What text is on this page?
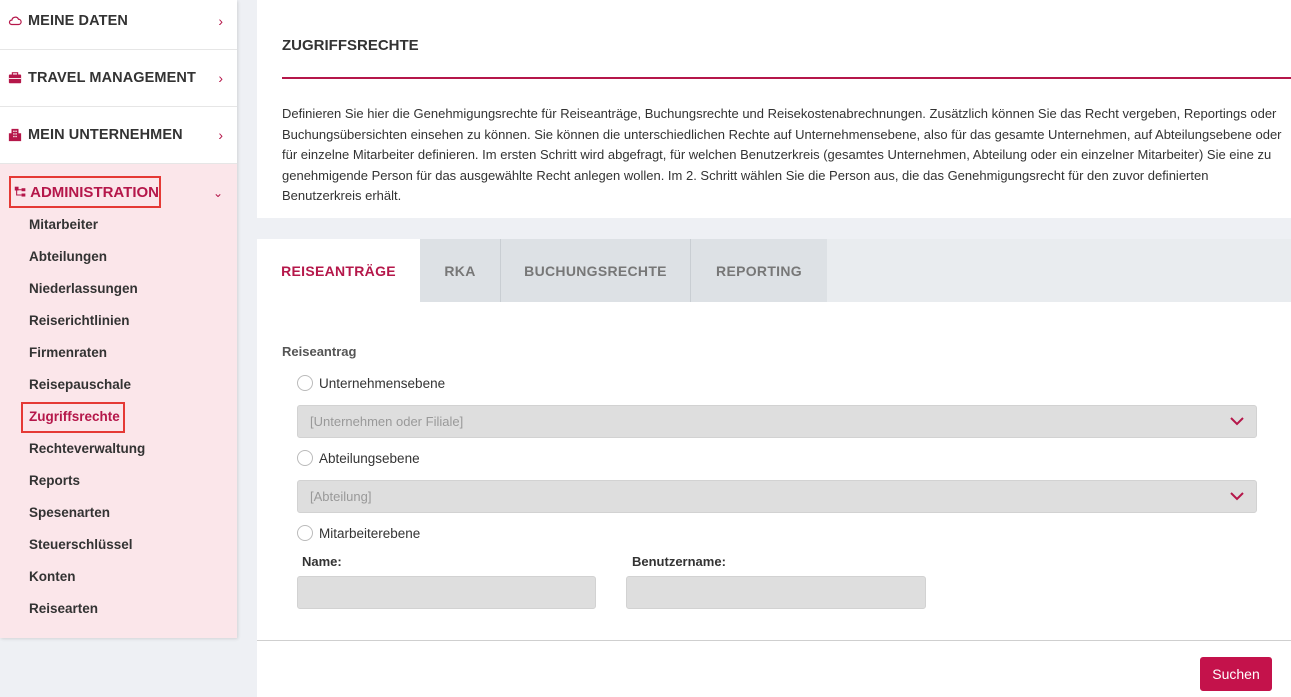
MEINE DATEN	›
TRAVEL MANAGEMENT ›
MEIN UNTERNEHMEN	›
ADMINISTRATION	⌄
Mitarbeiter
Abteilungen
Niederlassungen
Reiserichtlinien
Firmenraten
Reisepauschale
Zugriffsrechte
Rechteverwaltung
Reports
Spesenarten
Steuerschlüssel
Konten
Reisearten
ZUGRIFFSRECHTE

Definieren Sie hier die Genehmigungsrechte für Reiseanträge, Buchungsrechte und Reisekostenabrechnungen. Zusätzlich können Sie das Recht vergeben, Reportings oder Buchungsübersichten einsehen zu können. Sie können die unterschiedlichen Rechte auf Unternehmensebene, also für das gesamte Unternehmen, auf Abteilungsebene oder für einzelne Mitarbeiter definieren. Im ersten Schritt wird abgefragt, für welchen Benutzerkreis (gesamtes Unternehmen, Abteilung oder ein einzelner Mitarbeiter) Sie eine zu genehmigende Person für das ausgewählte Recht anlegen wollen. Im 2. Schritt wählen Sie die Person aus, die das Genehmigungsrecht für den zuvor definierten Benutzerkreis erhält.

REISEANTRÄGE	RKA	BUCHUNGSRECHTE	REPORTING
Reiseantrag
Unternehmensebene
[Unternehmen oder Filiale]
Abteilungsebene
[Abteilung]
Mitarbeiterebene
Name:	Benutzername:
Suchen
